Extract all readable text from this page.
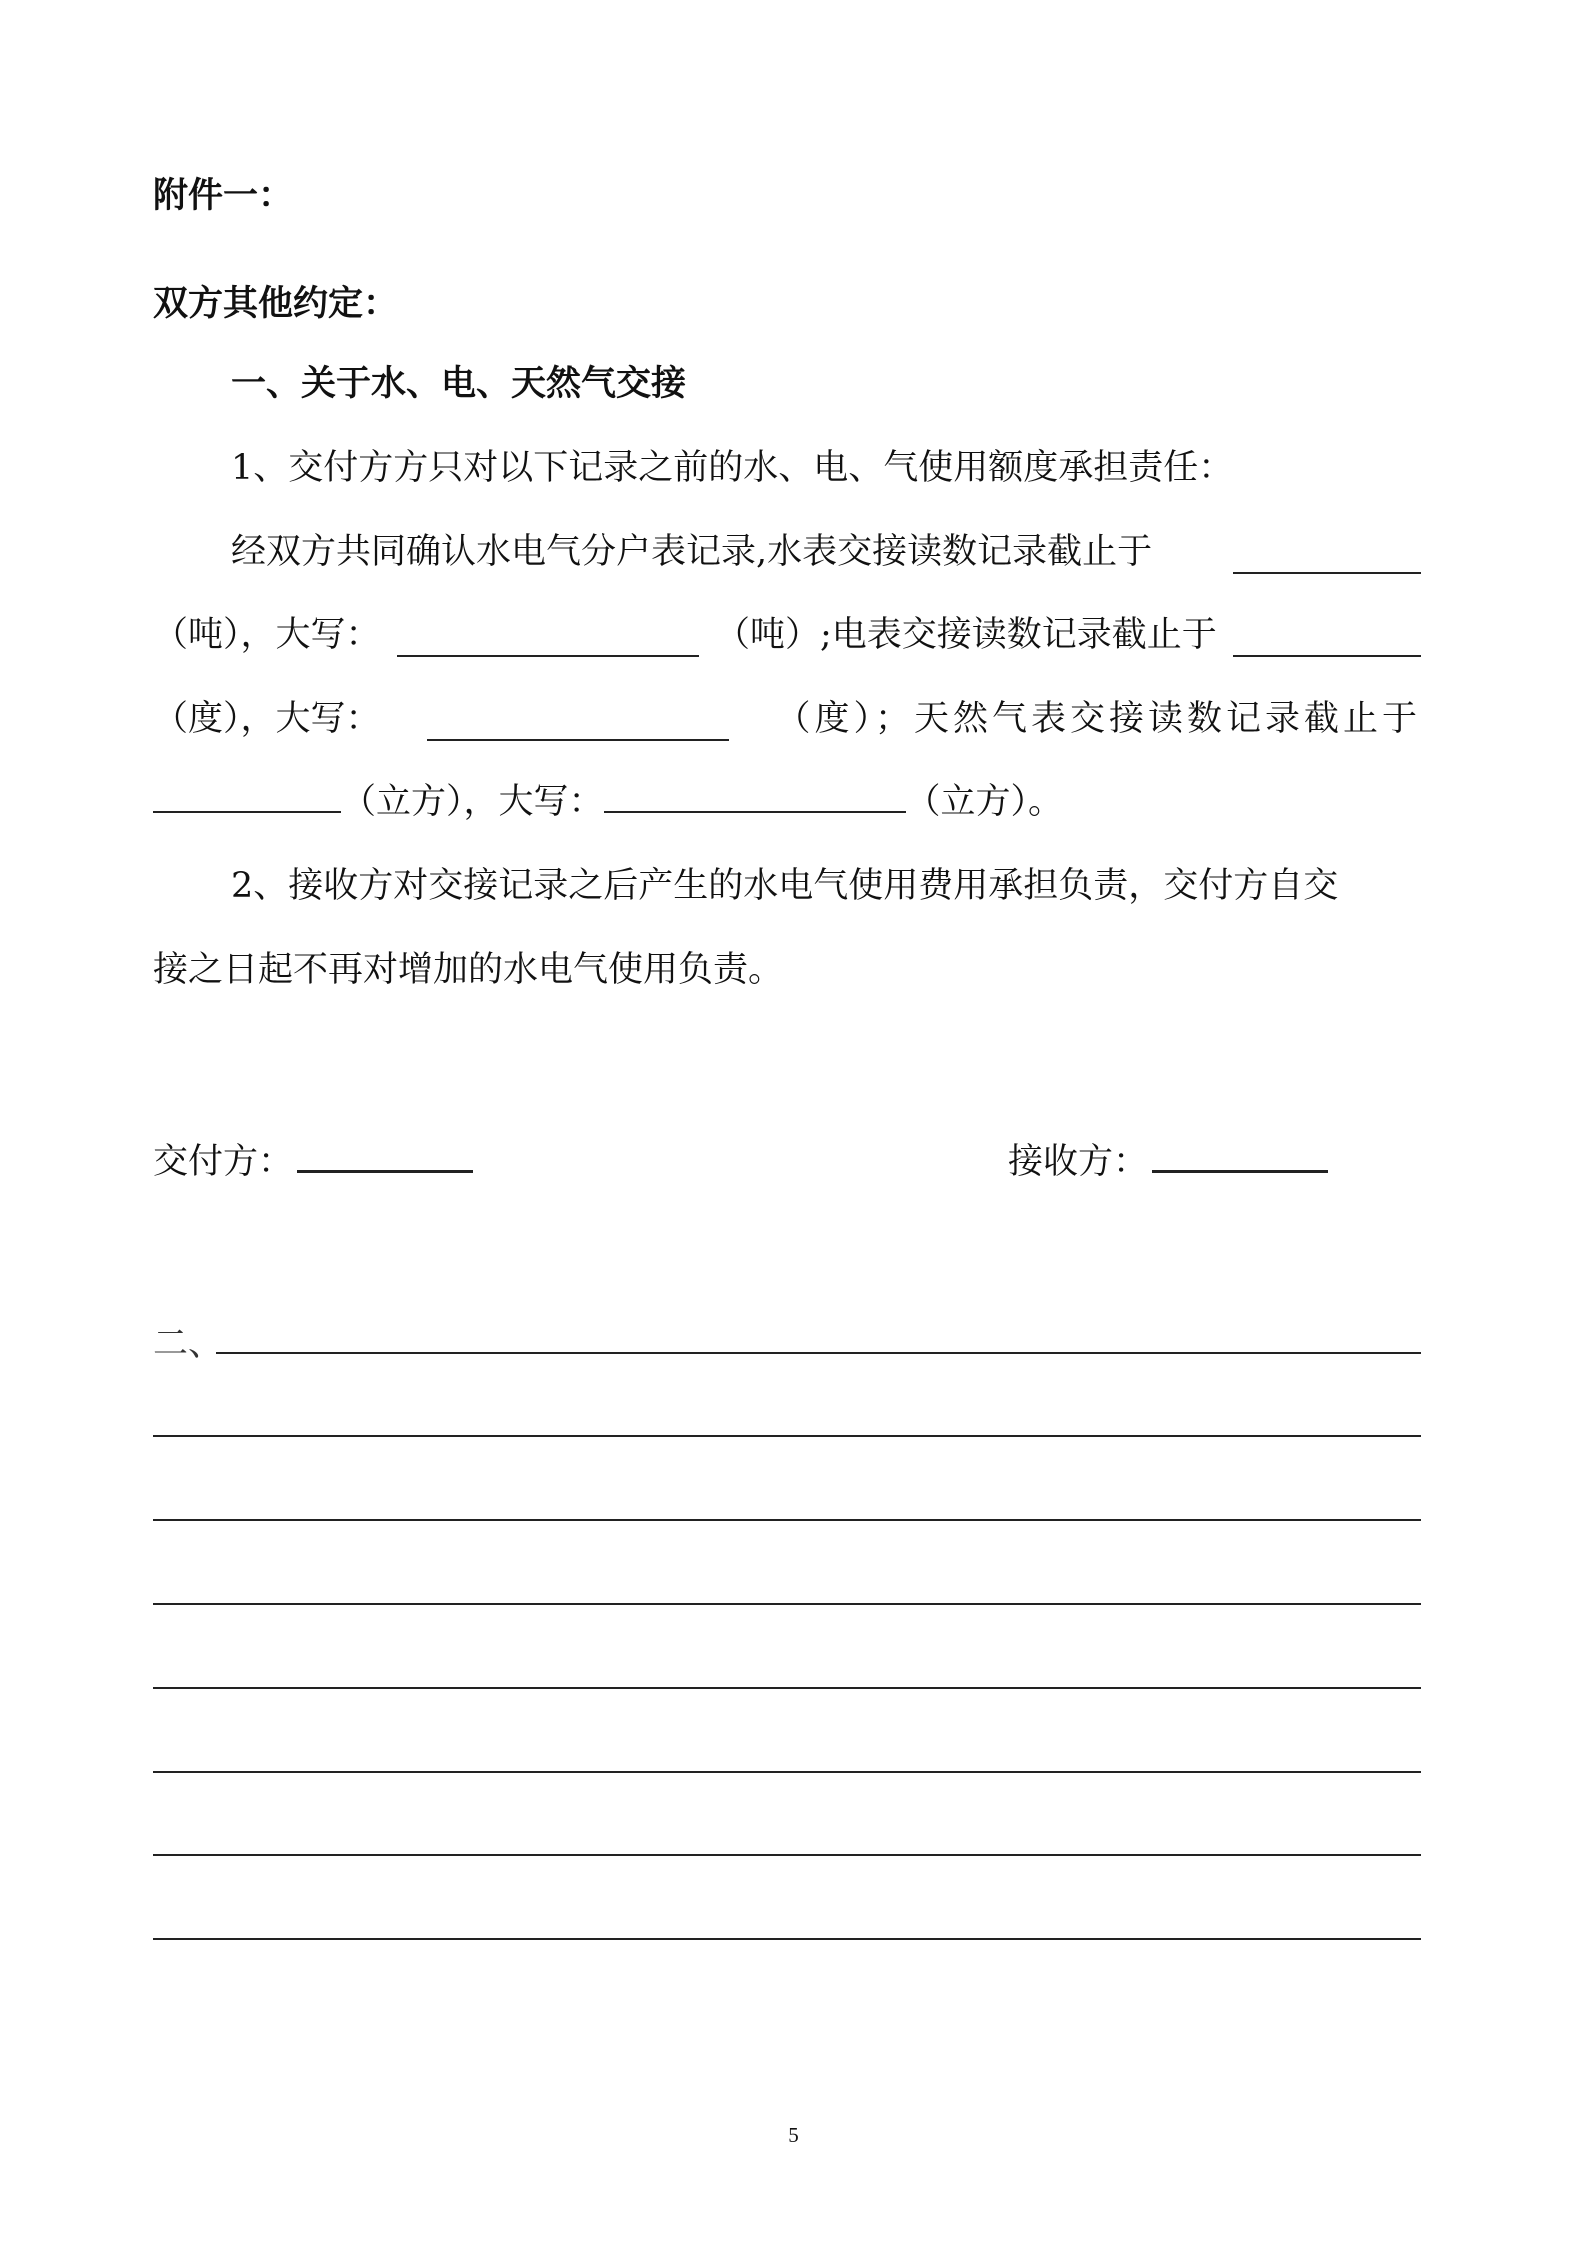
附件一：
双方其他约定：
一、关于水、电、天然气交接
1、交付方方只对以下记录之前的水、电、气使用额度承担责任：
经双方共同确认水电气分户表记录,水表交接读数记录截止于
（吨），大写：	（吨）;电表交接读数记录截止于
（度），大写：	（度）；天然气表交接读数记录截止于
（立方），大写：	（立方）。
2、接收方对交接记录之后产生的水电气使用费用承担负责，交付方自交
接之日起不再对增加的水电气使用负责。
交付方：	接收方：
二、
5
